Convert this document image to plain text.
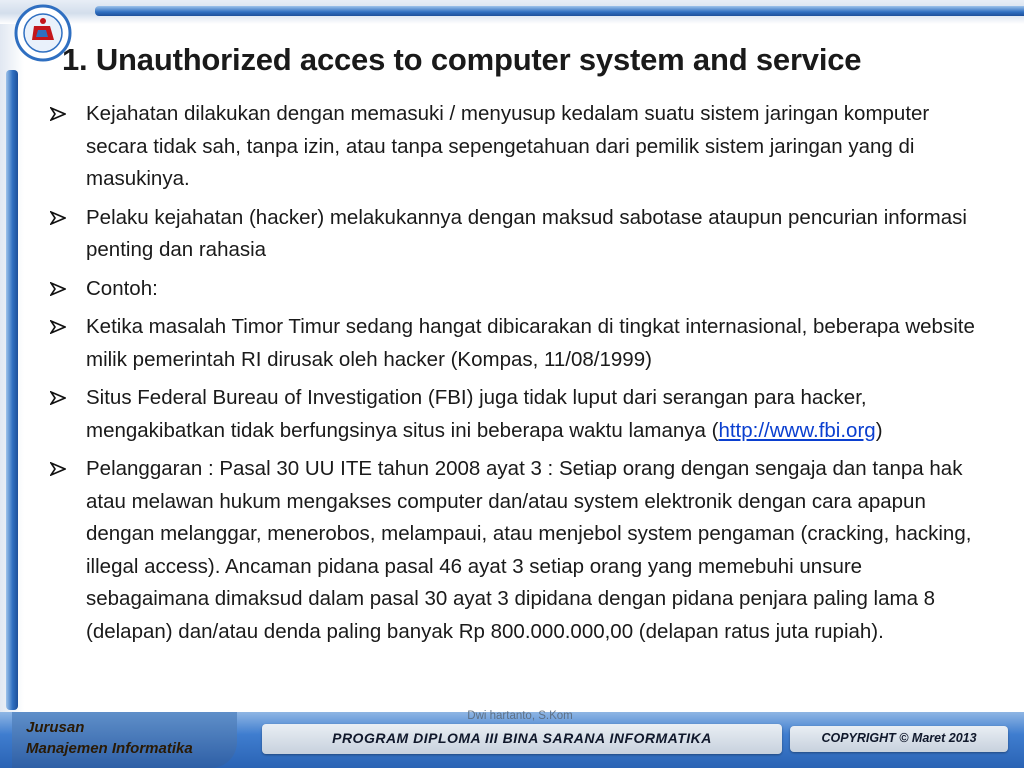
1. Unauthorized acces to computer system and service
Kejahatan dilakukan dengan memasuki / menyusup kedalam suatu sistem jaringan komputer secara tidak sah, tanpa izin, atau tanpa sepengetahuan dari pemilik sistem jaringan yang di masukinya.
Pelaku kejahatan (hacker) melakukannya dengan maksud sabotase ataupun pencurian informasi penting dan rahasia
Contoh:
Ketika masalah Timor Timur sedang hangat dibicarakan di tingkat internasional, beberapa website milik pemerintah RI dirusak oleh hacker (Kompas, 11/08/1999)
Situs Federal Bureau of Investigation (FBI) juga tidak luput dari serangan para hacker, mengakibatkan tidak berfungsinya situs ini beberapa waktu lamanya (http://www.fbi.org)
Pelanggaran : Pasal 30 UU ITE tahun 2008 ayat 3 : Setiap orang dengan sengaja dan tanpa hak atau melawan hukum mengakses computer dan/atau system elektronik dengan cara apapun dengan melanggar, menerobos, melampaui, atau menjebol system pengaman (cracking, hacking, illegal access). Ancaman pidana pasal 46 ayat 3 setiap orang yang memebuhi unsure sebagaimana dimaksud dalam pasal 30 ayat 3 dipidana dengan pidana penjara paling lama 8 (delapan) dan/atau denda paling banyak Rp 800.000.000,00 (delapan ratus juta rupiah).
Jurusan
Manajemen Informatika
PROGRAM DIPLOMA III BINA SARANA INFORMATIKA	COPYRIGHT © Maret 2013
Dwi hartanto, S.Kom
